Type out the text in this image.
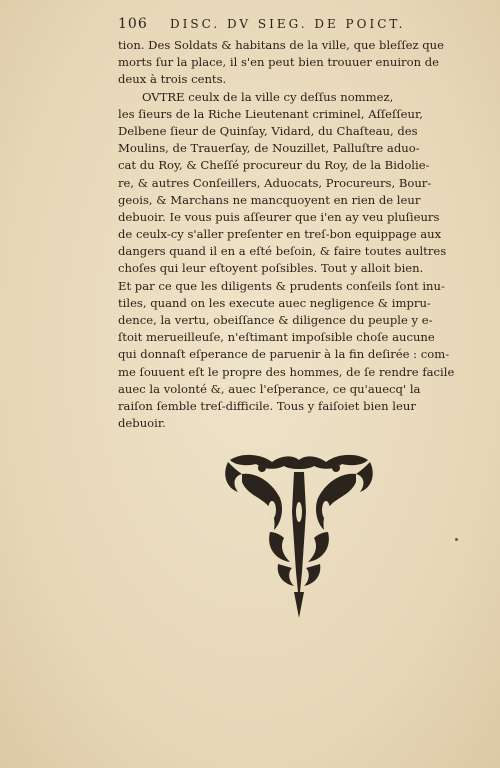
106 DISC. DV SIEG. DE POICT.
tion. Des Soldats & habitans de la ville, que bleſſez que
morts ſur la place, il s'en peut bien trouuer enuiron de
deux à trois cents.
OVTRE ceulx de la ville cy deſſus nommez,
les ſieurs de la Riche Lieutenant criminel, Aſſeſſeur,
Delbene ſieur de Quinſay, Vidard, du Chaſteau, des
Moulins, de Trauerſay, de Nouzillet, Palluſtre aduo-
cat du Roy, & Cheſſé procureur du Roy, de la Bidolie-
re, & autres Conſeillers, Aduocats, Procureurs, Bour-
geois, & Marchans ne mancquoyent en rien de leur
debuoir. Ie vous puis aſſeurer que i'en ay veu pluſieurs
de ceulx-cy s'aller preſenter en treſ-bon equippage aux
dangers quand il en a eſté beſoin, & faire toutes aultres
choſes qui leur eſtoyent poſsibles. Tout y alloit bien.
Et par ce que les diligents & prudents conſeils ſont inu-
tiles, quand on les execute auec negligence & impru-
dence, la vertu, obeiſſance & diligence du peuple y e-
ſtoit merueilleuſe, n'eſtimant impoſsible choſe aucune
qui donnaſt eſperance de paruenir à la fin deſirée : com-
me ſouuent eſt le propre des hommes, de ſe rendre facile
auec la volonté &, auec l'eſperance, ce qu'auecq' la
raiſon ſemble treſ-difficile. Tous y faiſoiet bien leur
debuoir.
